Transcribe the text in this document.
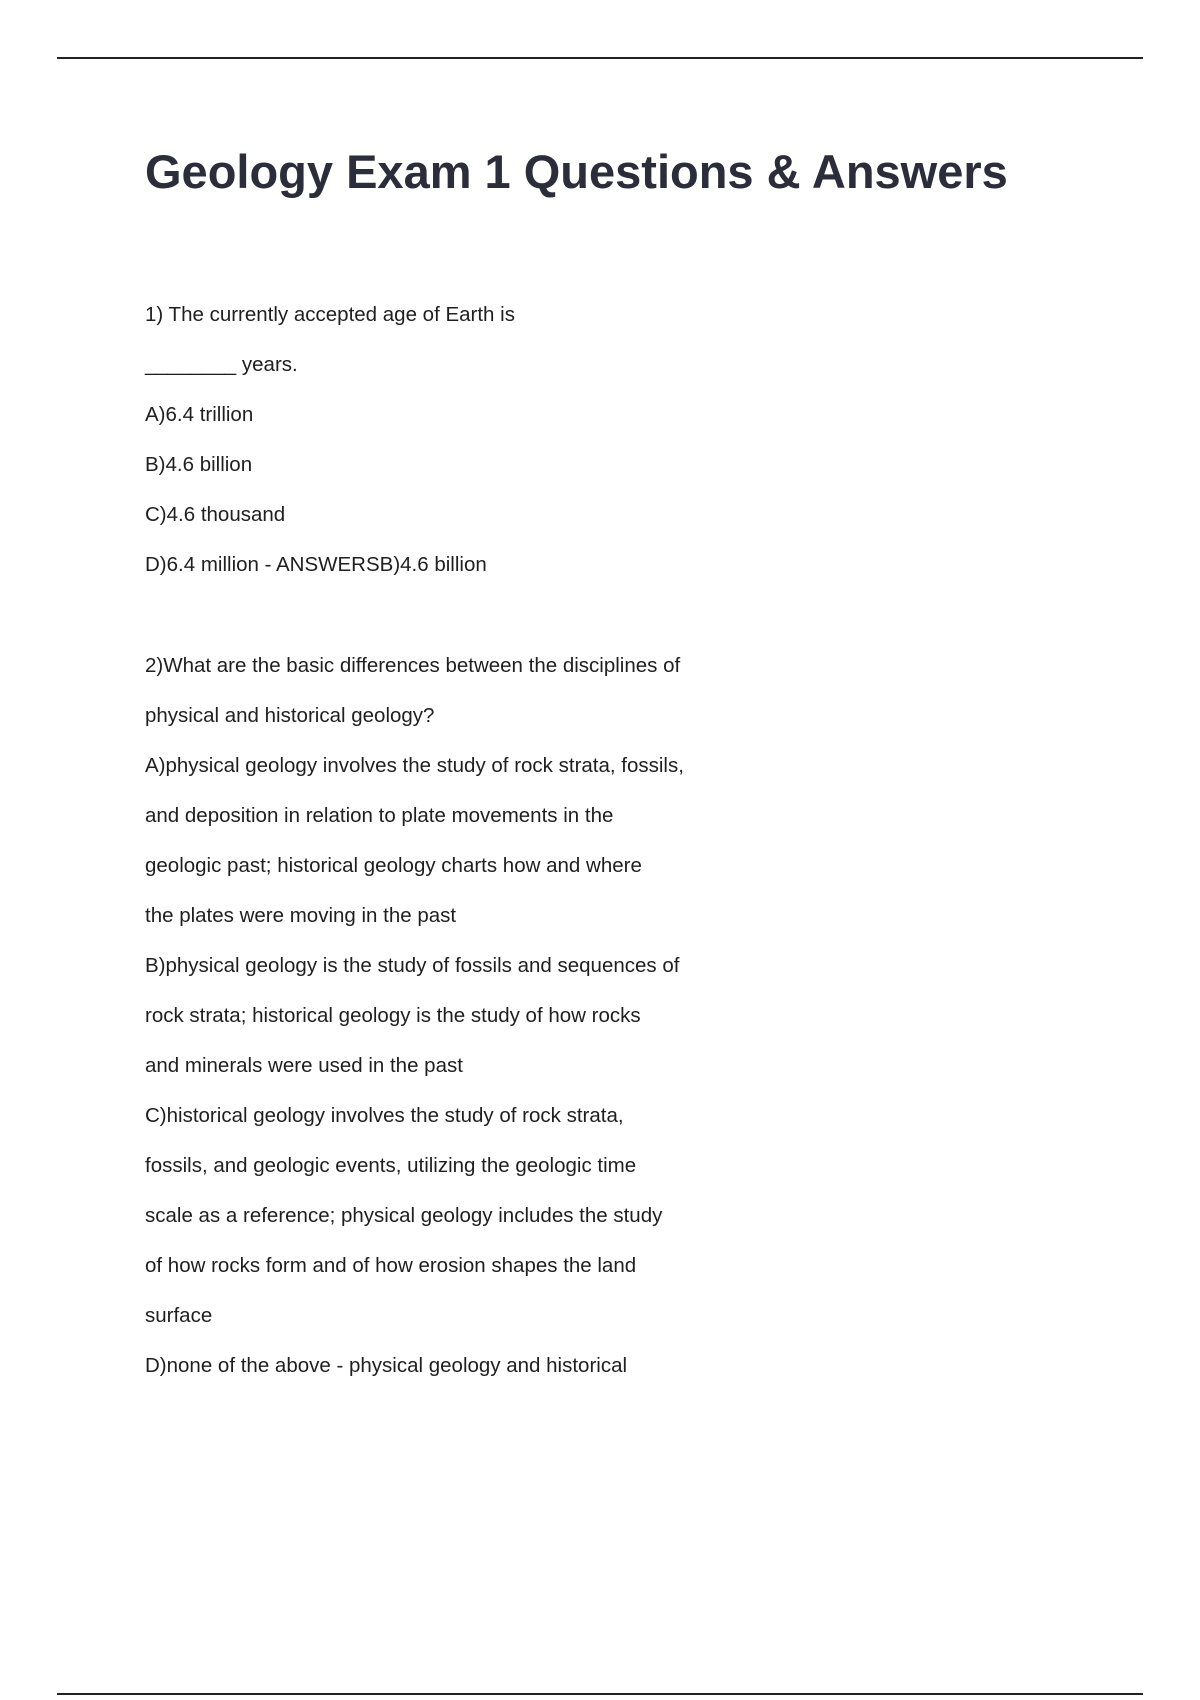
Geology Exam 1 Questions & Answers
1) The currently accepted age of Earth is
________ years.
A)6.4 trillion
B)4.6 billion
C)4.6 thousand
D)6.4 million - ANSWERSB)4.6 billion
2)What are the basic differences between the disciplines of
physical and historical geology?
A)physical geology involves the study of rock strata, fossils,
and deposition in relation to plate movements in the
geologic past; historical geology charts how and where
the plates were moving in the past
B)physical geology is the study of fossils and sequences of
rock strata; historical geology is the study of how rocks
and minerals were used in the past
C)historical geology involves the study of rock strata,
fossils, and geologic events, utilizing the geologic time
scale as a reference; physical geology includes the study
of how rocks form and of how erosion shapes the land
surface
D)none of the above - physical geology and historical
